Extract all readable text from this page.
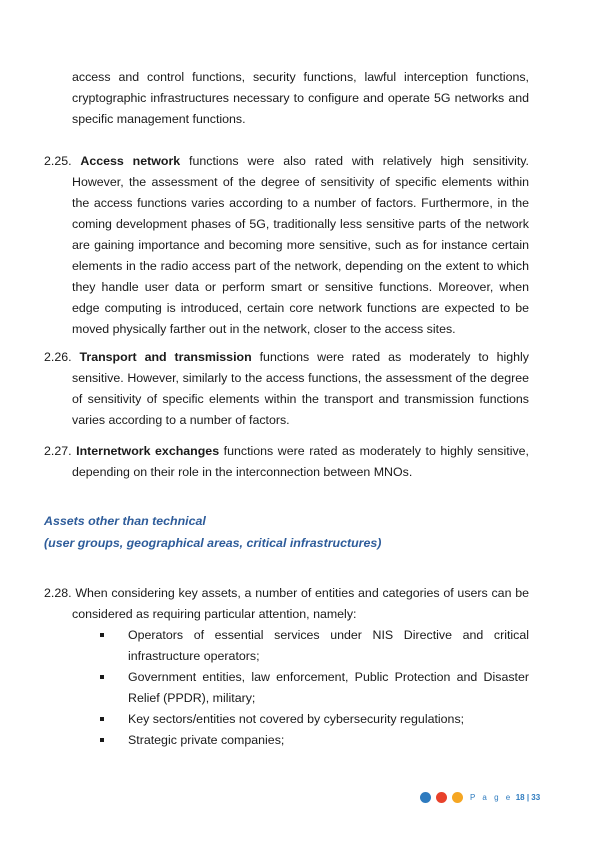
access and control functions, security functions, lawful interception functions, cryptographic infrastructures necessary to configure and operate 5G networks and specific management functions.

2.25. Access network functions were also rated with relatively high sensitivity. However, the assessment of the degree of sensitivity of specific elements within the access functions varies according to a number of factors. Furthermore, in the coming development phases of 5G, traditionally less sensitive parts of the network are gaining importance and becoming more sensitive, such as for instance certain elements in the radio access part of the network, depending on the extent to which they handle user data or perform smart or sensitive functions. Moreover, when edge computing is introduced, certain core network functions are expected to be moved physically farther out in the network, closer to the access sites.

2.26. Transport and transmission functions were rated as moderately to highly sensitive. However, similarly to the access functions, the assessment of the degree of sensitivity of specific elements within the transport and transmission functions varies according to a number of factors.

2.27. Internetwork exchanges functions were rated as moderately to highly sensitive, depending on their role in the interconnection between MNOs.

Assets other than technical

(user groups, geographical areas, critical infrastructures)

2.28. When considering key assets, a number of entities and categories of users can be considered as requiring particular attention, namely:

Operators of essential services under NIS Directive and critical infrastructure operators;
Government entities, law enforcement, Public Protection and Disaster Relief (PPDR), military;
Key sectors/entities not covered by cybersecurity regulations;
Strategic private companies;
P a g e 18 | 33
